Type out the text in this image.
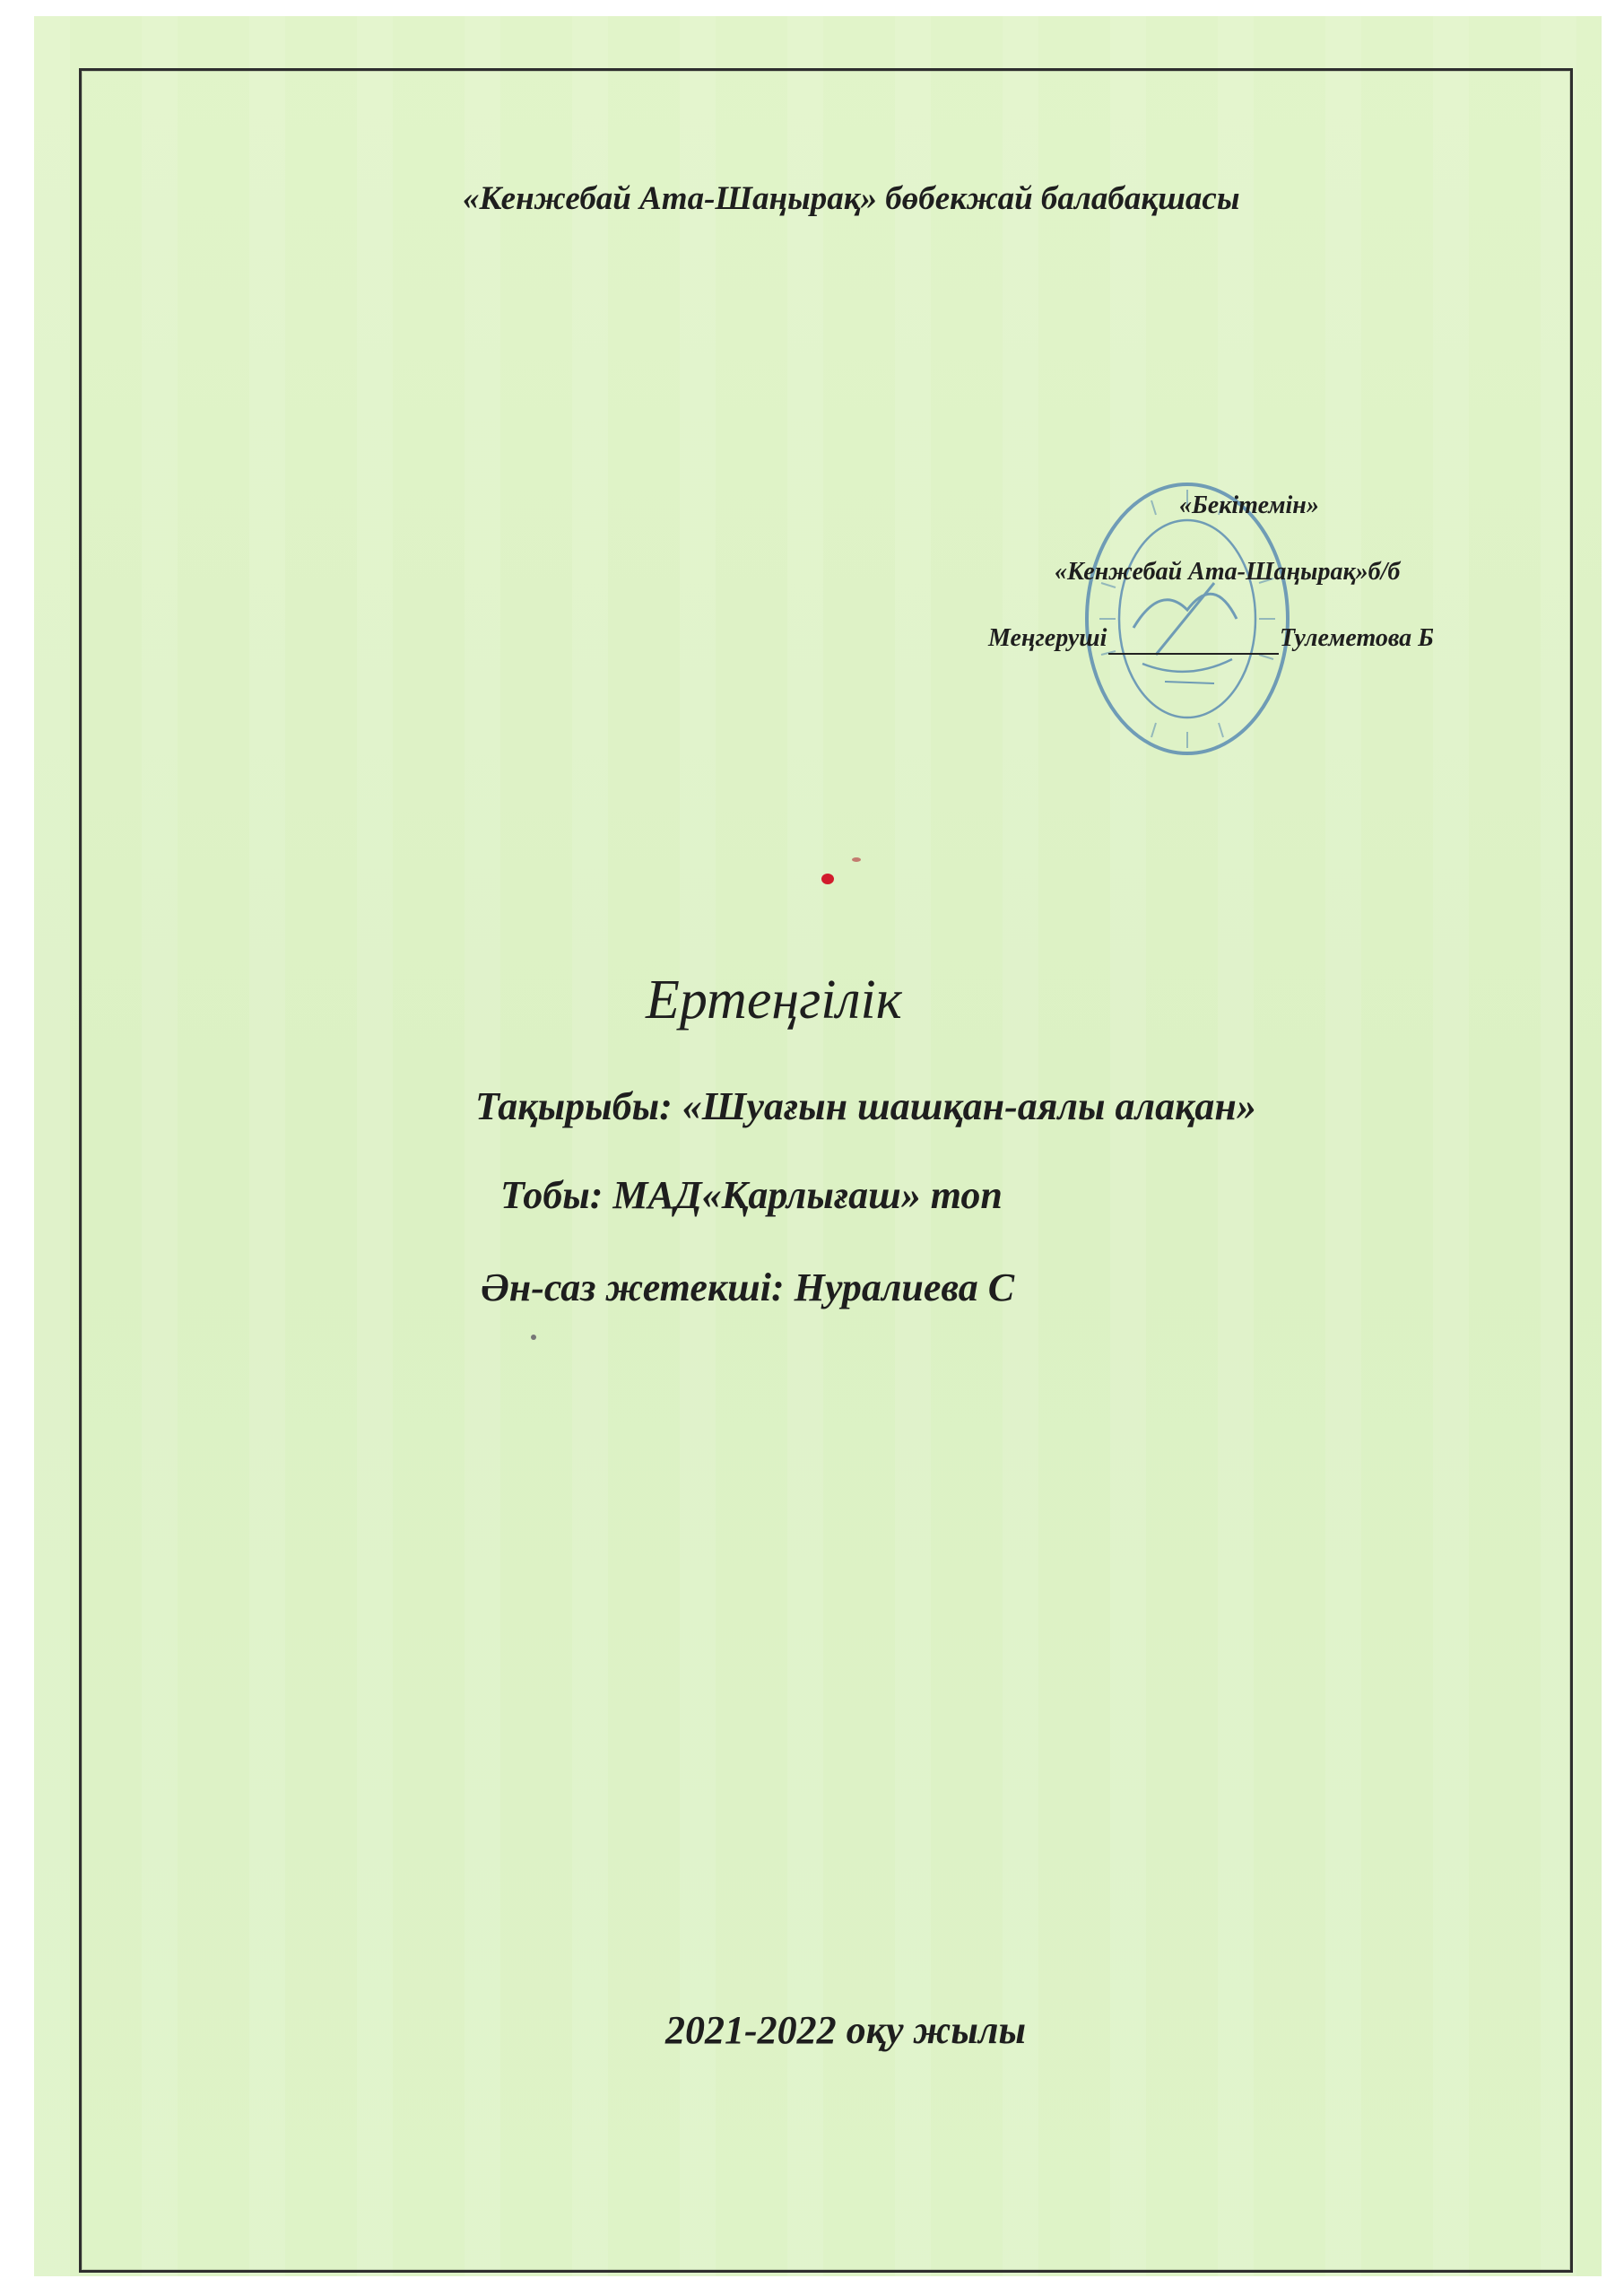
«Кенжебай Ата-Шаңырақ» бөбекжай балабақшасы
«Бекітемін»
«Кенжебай Ата-Шаңырақ»б/б
Меңгеруші	Тулеметова Б
Ертеңгілік
Тақырыбы: «Шуағын шашқан-аялы алақан»
Тобы: МАД«Қарлығаш» топ
Ән-саз жетекші: Нуралиева С
2021-2022 оқу жылы
